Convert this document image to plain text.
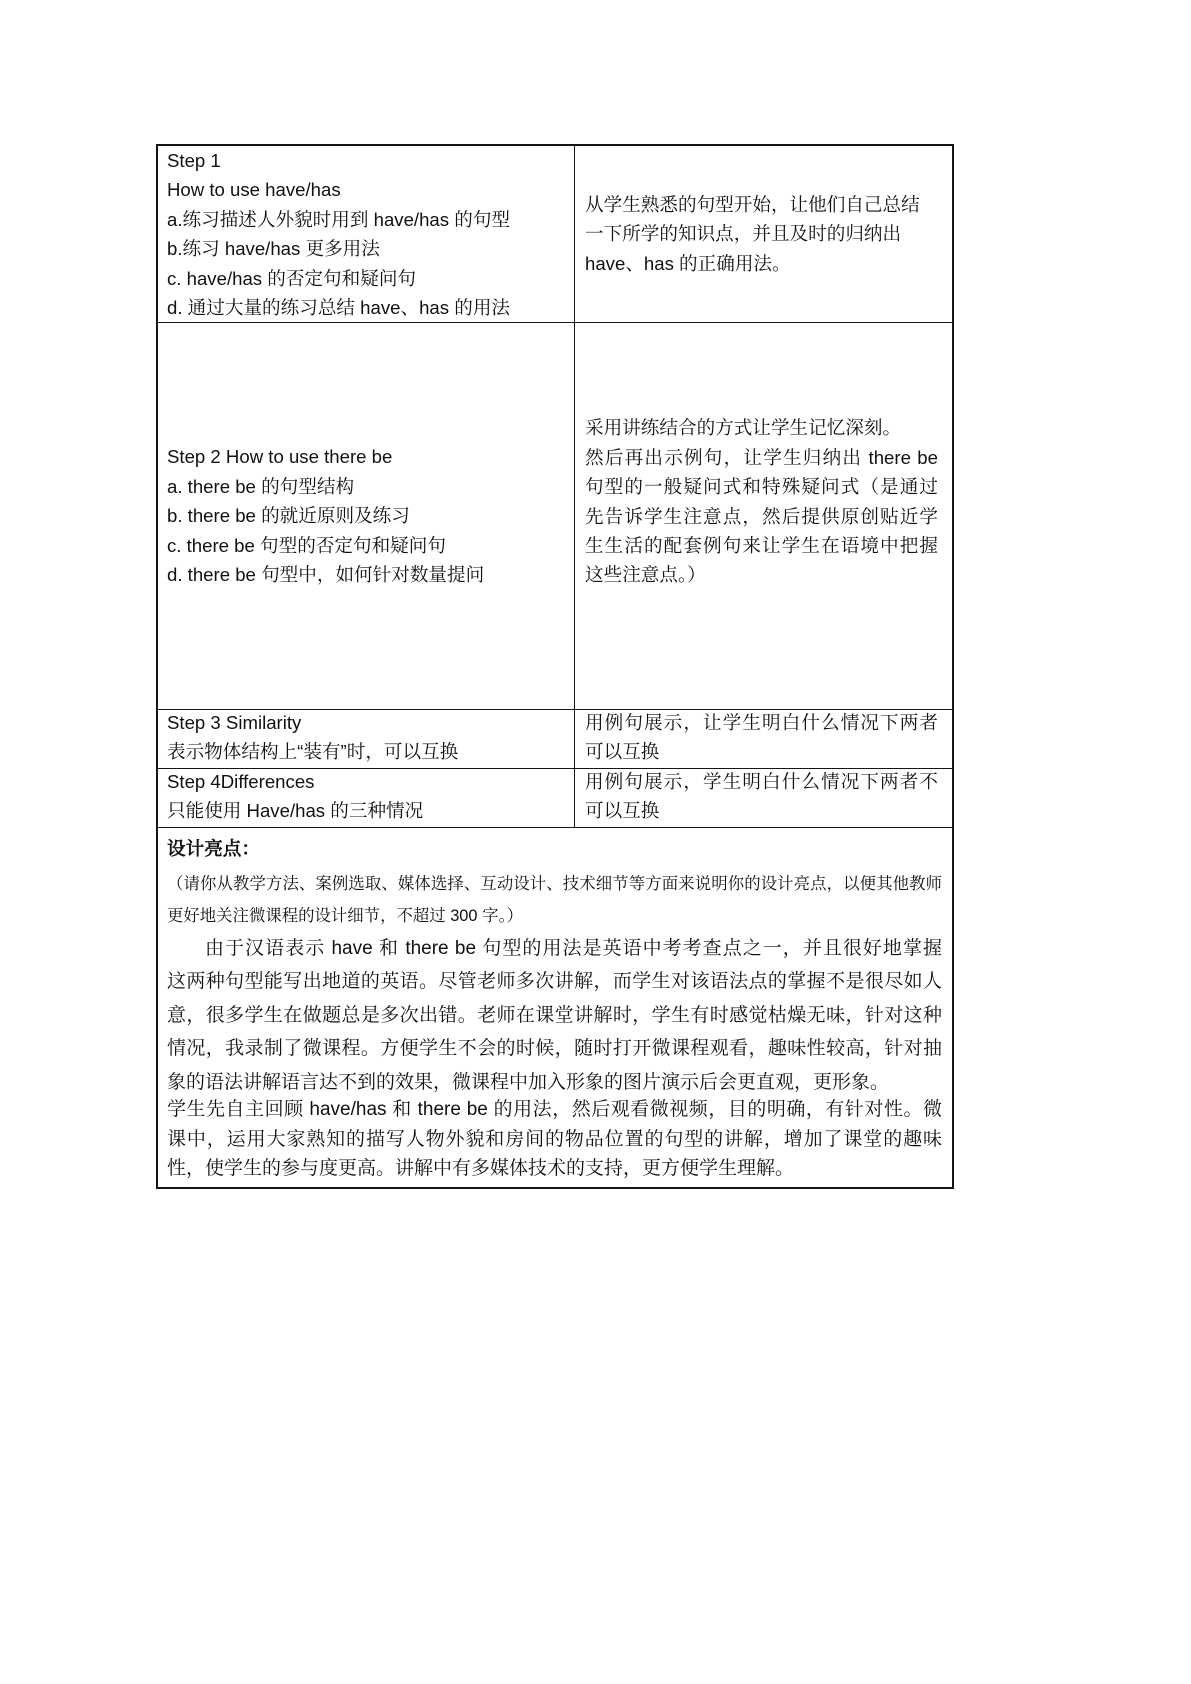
Step 1
How to use have/has
a.练习描述人外貌时用到 have/has 的句型
b.练习 have/has 更多用法
c. have/has 的否定句和疑问句
d. 通过大量的练习总结 have、has 的用法
从学生熟悉的句型开始，让他们自己总结
一下所学的知识点，并且及时的归纳出
have、has 的正确用法。
Step 2 How to use there be
a. there be 的句型结构
b. there be 的就近原则及练习
c. there be 句型的否定句和疑问句
d. there be 句型中，如何针对数量提问
采用讲练结合的方式让学生记忆深刻。
然后再出示例句，让学生归纳出 there be
句型的一般疑问式和特殊疑问式（是通过
先告诉学生注意点，然后提供原创贴近学
生生活的配套例句来让学生在语境中把握
这些注意点。）
Step 3 Similarity
表示物体结构上“装有”时，可以互换
用例句展示，让学生明白什么情况下两者
可以互换
Step 4Differences
只能使用 Have/has 的三种情况
用例句展示，学生明白什么情况下两者不
可以互换
设计亮点：
（请你从教学方法、案例选取、媒体选择、互动设计、技术细节等方面来说明你的设计亮点，以便其他教师
更好地关注微课程的设计细节，不超过 300 字。）
由于汉语表示 have 和 there be 句型的用法是英语中考考查点之一，并且很好地掌握
这两种句型能写出地道的英语。尽管老师多次讲解，而学生对该语法点的掌握不是很尽如人
意，很多学生在做题总是多次出错。老师在课堂讲解时，学生有时感觉枯燥无味，针对这种
情况，我录制了微课程。方便学生不会的时候，随时打开微课程观看，趣味性较高，针对抽
象的语法讲解语言达不到的效果，微课程中加入形象的图片演示后会更直观，更形象。
学生先自主回顾 have/has 和 there be 的用法，然后观看微视频，目的明确，有针对性。微
课中，运用大家熟知的描写人物外貌和房间的物品位置的句型的讲解，增加了课堂的趣味
性，使学生的参与度更高。讲解中有多媒体技术的支持，更方便学生理解。
